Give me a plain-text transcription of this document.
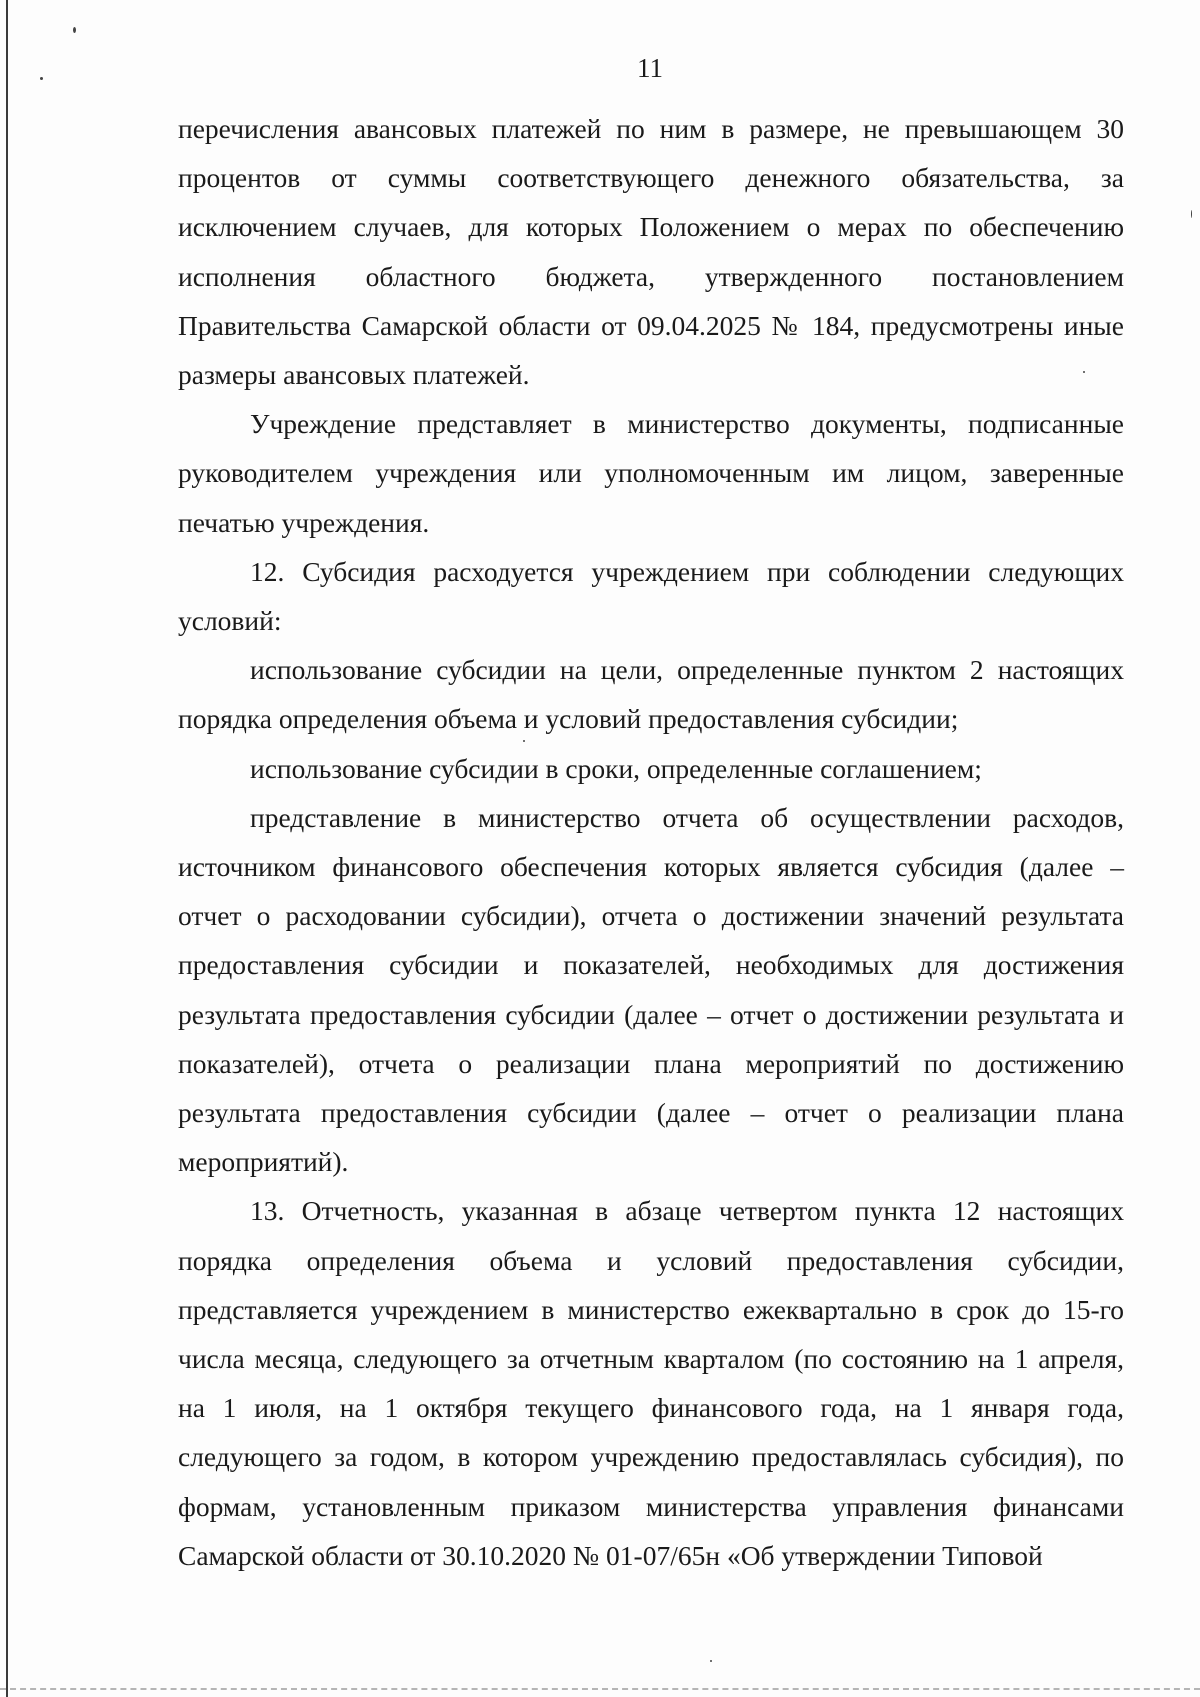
11

перечисления авансовых платежей по ним в размере, не превышающем 30 процентов от суммы соответствующего денежного обязательства, за исключением случаев, для которых Положением о мерах по обеспечению исполнения областного бюджета, утвержденного постановлением Правительства Самарской области от 09.04.2025 № 184, предусмотрены иные размеры авансовых платежей.

Учреждение представляет в министерство документы, подписанные руководителем учреждения или уполномоченным им лицом, заверенные печатью учреждения.

12. Субсидия расходуется учреждением при соблюдении следующих условий:

использование субсидии на цели, определенные пунктом 2 настоящих порядка определения объема и условий предоставления субсидии;

использование субсидии в сроки, определенные соглашением;

представление в министерство отчета об осуществлении расходов, источником финансового обеспечения которых является субсидия (далее – отчет о расходовании субсидии), отчета о достижении значений результата предоставления субсидии и показателей, необходимых для достижения результата предоставления субсидии (далее – отчет о достижении результата и показателей), отчета о реализации плана мероприятий по достижению результата предоставления субсидии (далее – отчет о реализации плана мероприятий).

13. Отчетность, указанная в абзаце четвертом пункта 12 настоящих порядка определения объема и условий предоставления субсидии, представляется учреждением в министерство ежеквартально в срок до 15-го числа месяца, следующего за отчетным кварталом (по состоянию на 1 апреля, на 1 июля, на 1 октября текущего финансового года, на 1 января года, следующего за годом, в котором учреждению предоставлялась субсидия), по формам, установленным приказом министерства управления финансами Самарской области от 30.10.2020 № 01-07/65н «Об утверждении Типовой
